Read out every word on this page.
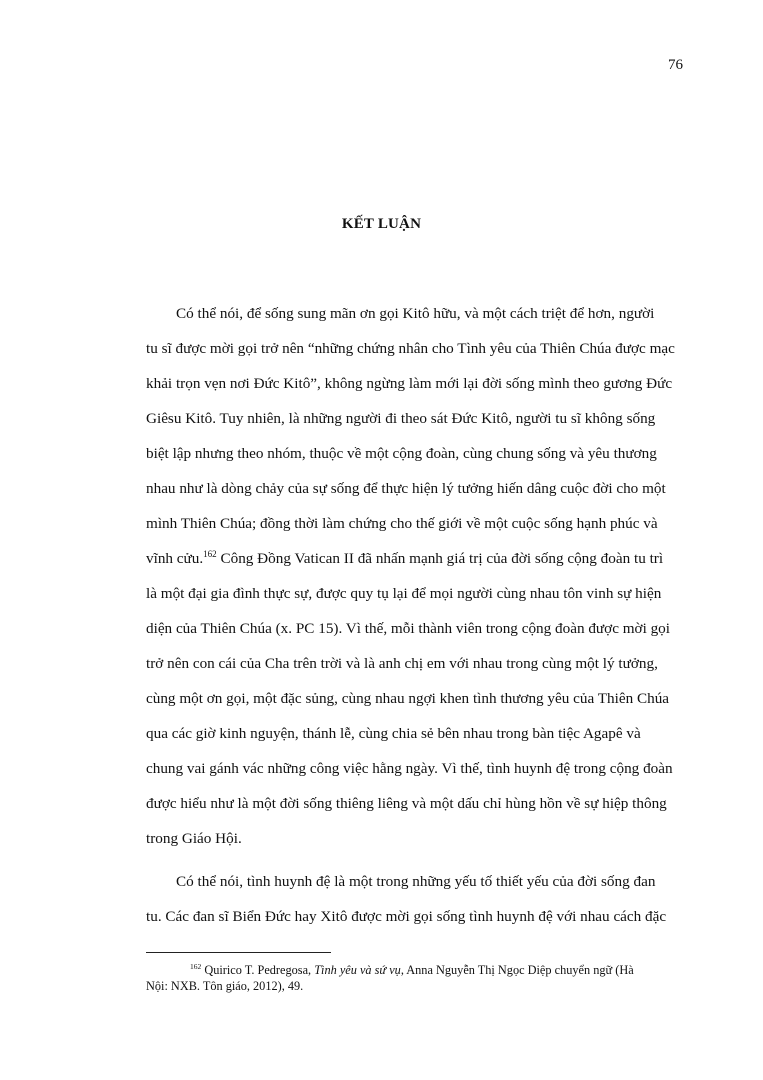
76
KẾT LUẬN
Có thể nói, để sống sung mãn ơn gọi Kitô hữu, và một cách triệt để hơn, người
tu sĩ được mời gọi trở nên “những chứng nhân cho Tình yêu của Thiên Chúa được mạc
khải trọn vẹn nơi Đức Kitô”, không ngừng làm mới lại đời sống mình theo gương Đức
Giêsu Kitô. Tuy nhiên, là những người đi theo sát Đức Kitô, người tu sĩ không sống
biệt lập nhưng theo nhóm, thuộc về một cộng đoàn, cùng chung sống và yêu thương
nhau như là dòng chảy của sự sống để thực hiện lý tưởng hiến dâng cuộc đời cho một
mình Thiên Chúa; đồng thời làm chứng cho thế giới về một cuộc sống hạnh phúc và
vĩnh cửu.$^{162}$ Công Đồng Vatican II đã nhấn mạnh giá trị của đời sống cộng đoàn tu trì
là một đại gia đình thực sự, được quy tụ lại để mọi người cùng nhau tôn vinh sự hiện
diện của Thiên Chúa (x. PC 15). Vì thế, mỗi thành viên trong cộng đoàn được mời gọi
trở nên con cái của Cha trên trời và là anh chị em với nhau trong cùng một lý tưởng,
cùng một ơn gọi, một đặc sủng, cùng nhau ngợi khen tình thương yêu của Thiên Chúa
qua các giờ kinh nguyện, thánh lễ, cùng chia sẻ bên nhau trong bàn tiệc Agapê và
chung vai gánh vác những công việc hằng ngày. Vì thế, tình huynh đệ trong cộng đoàn
được hiểu như là một đời sống thiêng liêng và một dấu chỉ hùng hồn về sự hiệp thông
trong Giáo Hội.
Có thể nói, tình huynh đệ là một trong những yếu tố thiết yếu của đời sống đan
tu. Các đan sĩ Biển Đức hay Xitô được mời gọi sống tình huynh đệ với nhau cách đặc
$^{162}$ Quirico T. Pedregosa, Tình yêu và sứ vụ, Anna Nguyễn Thị Ngọc Diệp chuyển ngữ (Hà
Nội: NXB. Tôn giáo, 2012), 49.
